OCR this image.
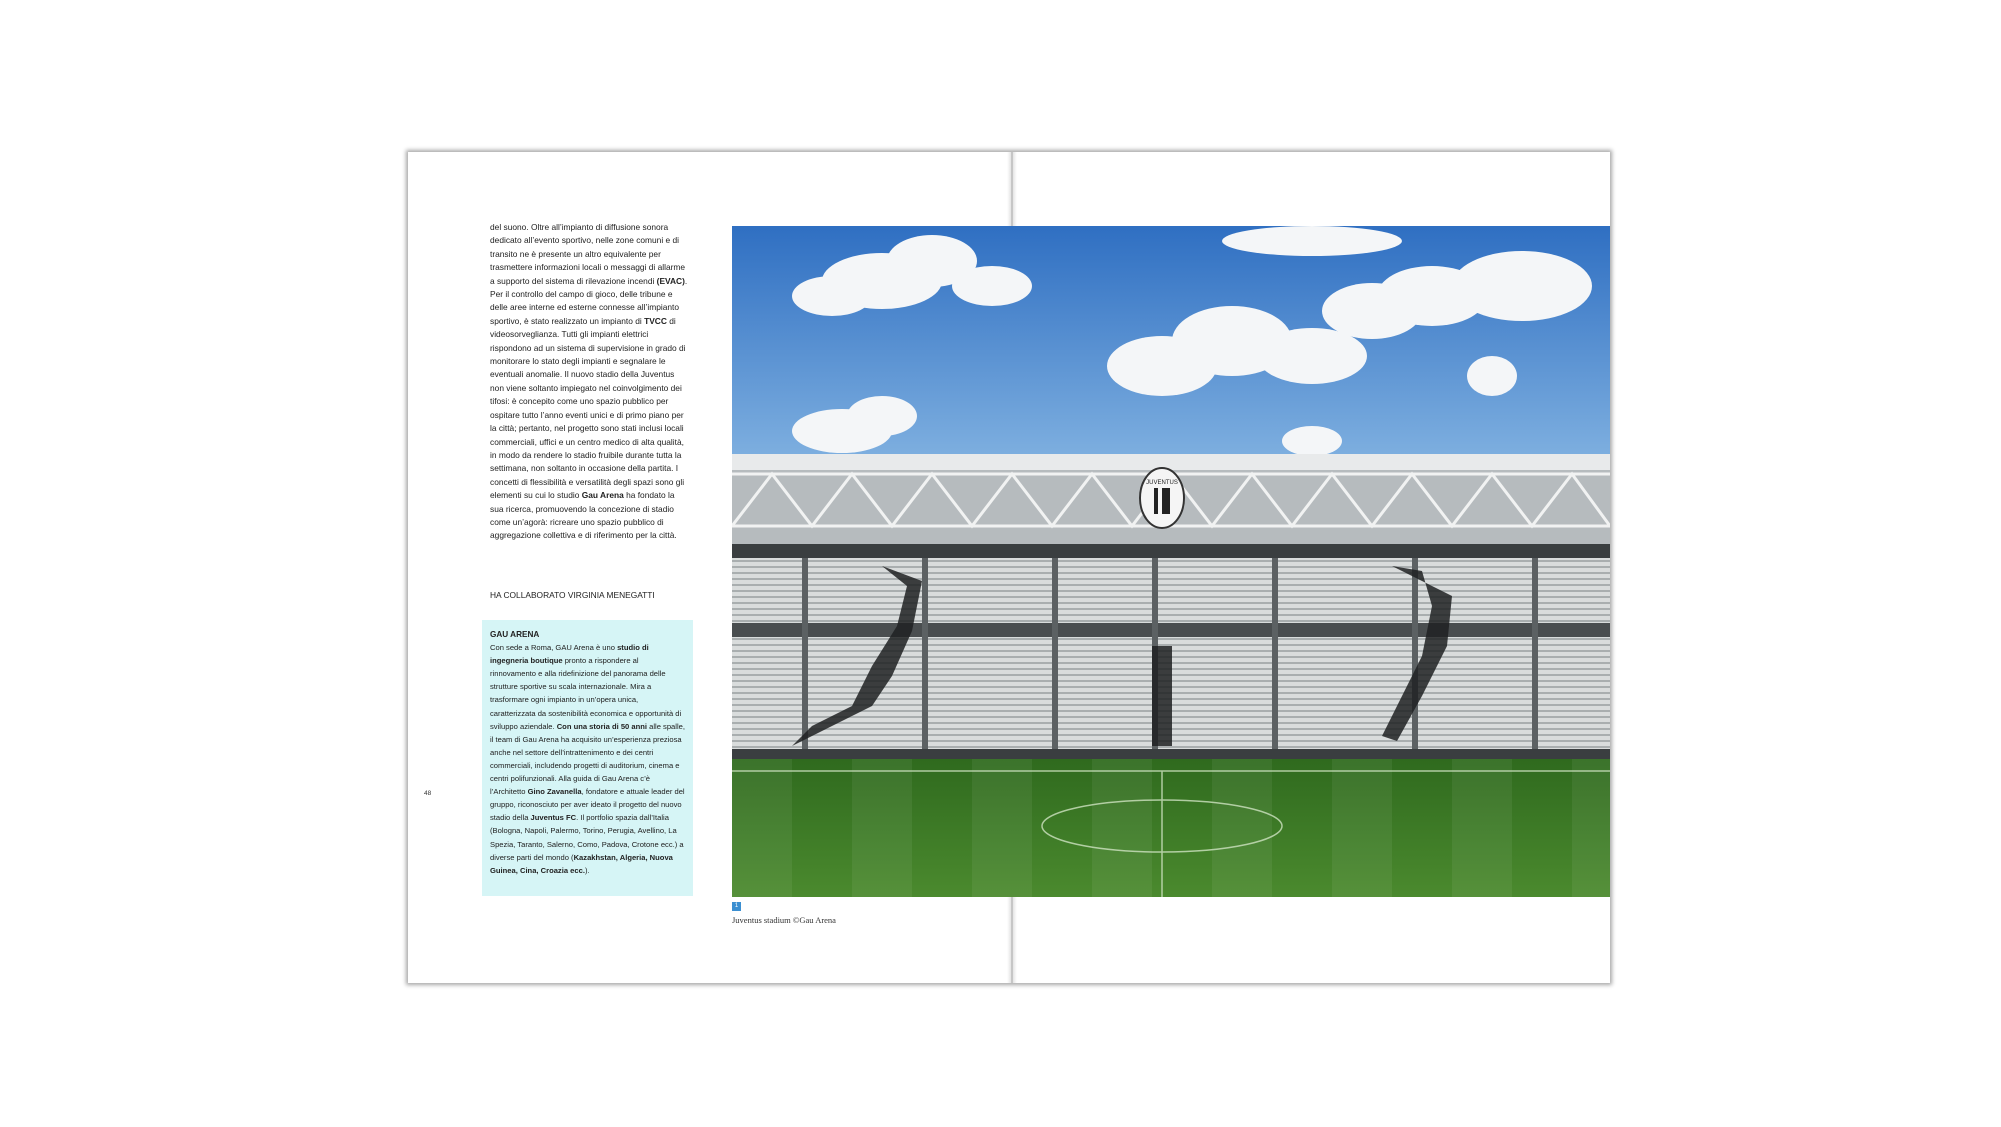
del suono. Oltre all’impianto di diffusione sonora dedicato all’evento sportivo, nelle zone comuni e di transito ne è presente un altro equivalente per trasmettere informazioni locali o messaggi di allarme a supporto del sistema di rilevazione incendi (EVAC). Per il controllo del campo di gioco, delle tribune e delle aree interne ed esterne connesse all’impianto sportivo, è stato realizzato un impianto di TVCC di videosorveglianza. Tutti gli impianti elettrici rispondono ad un sistema di supervisione in grado di monitorare lo stato degli impianti e segnalare le eventuali anomalie. Il nuovo stadio della Juventus non viene soltanto impiegato nel coinvolgimento dei tifosi: è concepito come uno spazio pubblico per ospitare tutto l’anno eventi unici e di primo piano per la città; pertanto, nel progetto sono stati inclusi locali commerciali, uffici e un centro medico di alta qualità, in modo da rendere lo stadio fruibile durante tutta la settimana, non soltanto in occasione della partita. I concetti di flessibilità e versatilità degli spazi sono gli elementi su cui lo studio Gau Arena ha fondato la sua ricerca, promuovendo la concezione di stadio come un’agorà: ricreare uno spazio pubblico di aggregazione collettiva e di riferimento per la città.

HA COLLABORATO VIRGINIA MENEGATTI

GAU ARENA

Con sede a Roma, GAU Arena è uno studio di ingegneria boutique pronto a rispondere al rinnovamento e alla ridefinizione del panorama delle strutture sportive su scala internazionale. Mira a trasformare ogni impianto in un’opera unica, caratterizzata da sostenibilità economica e opportunità di sviluppo aziendale. Con una storia di 50 anni alle spalle, il team di Gau Arena ha acquisito un’esperienza preziosa anche nel settore dell’intrattenimento e dei centri commerciali, includendo progetti di auditorium, cinema e centri polifunzionali. Alla guida di Gau Arena c’è l’Architetto Gino Zavanella, fondatore e attuale leader del gruppo, riconosciuto per aver ideato il progetto del nuovo stadio della Juventus FC. Il portfolio spazia dall’Italia (Bologna, Napoli, Palermo, Torino, Perugia, Avellino, La Spezia, Taranto, Salerno, Como, Padova, Crotone ecc.) a diverse parti del mondo (Kazakhstan, Algeria, Nuova Guinea, Cina, Croazia ecc.).

48
JUVENTUS
1
Juventus stadium ©Gau Arena
